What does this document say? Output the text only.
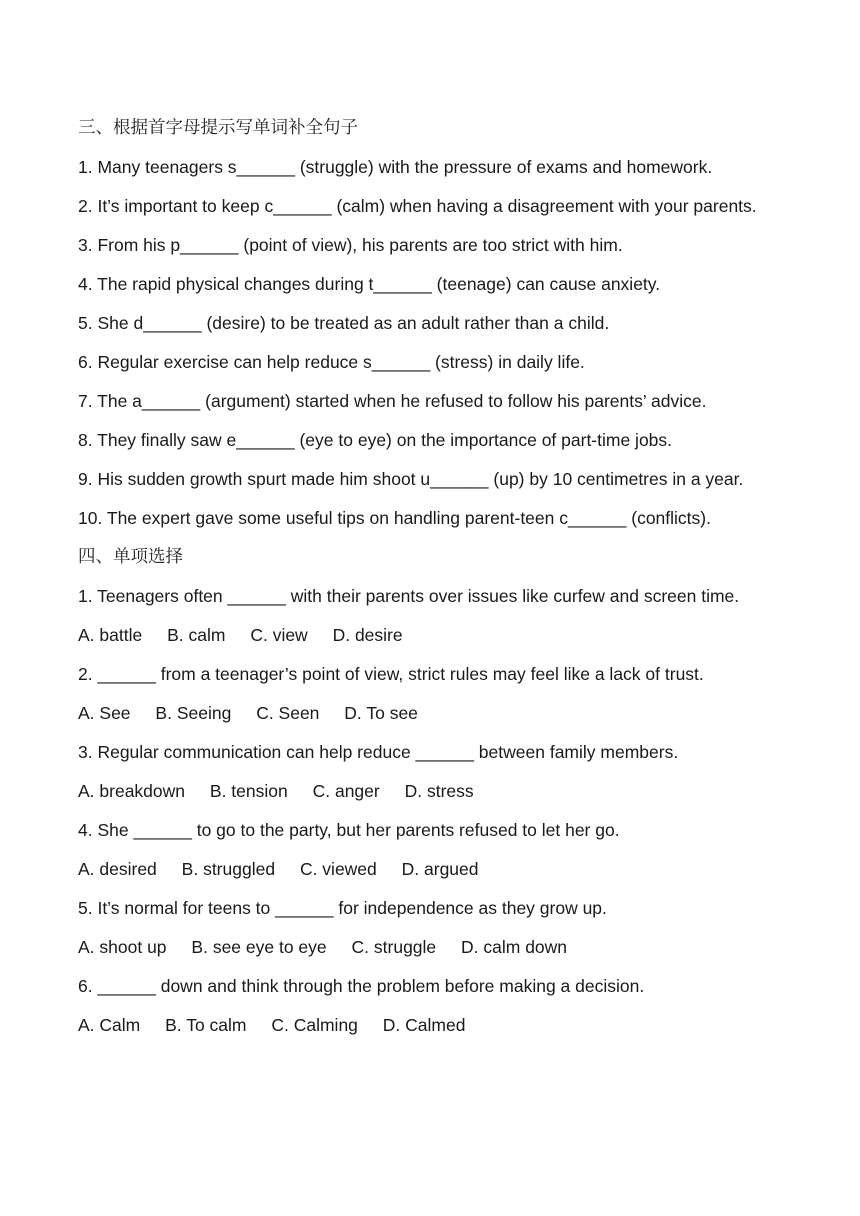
三、根据首字母提示写单词补全句子
1. Many teenagers s______ (struggle) with the pressure of exams and homework.
2. It’s important to keep c______ (calm) when having a disagreement with your parents.
3. From his p______ (point of view), his parents are too strict with him.
4. The rapid physical changes during t______ (teenage) can cause anxiety.
5. She d______ (desire) to be treated as an adult rather than a child.
6. Regular exercise can help reduce s______ (stress) in daily life.
7. The a______ (argument) started when he refused to follow his parents’ advice.
8. They finally saw e______ (eye to eye) on the importance of part-time jobs.
9. His sudden growth spurt made him shoot u______ (up) by 10 centimetres in a year.
10. The expert gave some useful tips on handling parent-teen c______ (conflicts).
四、单项选择
1. Teenagers often ______ with their parents over issues like curfew and screen time.
A. battle B. calm C. view D. desire
2. ______ from a teenager’s point of view, strict rules may feel like a lack of trust.
A. See B. Seeing C. Seen D. To see
3. Regular communication can help reduce ______ between family members.
A. breakdown B. tension C. anger D. stress
4. She ______ to go to the party, but her parents refused to let her go.
A. desired B. struggled C. viewed D. argued
5. It’s normal for teens to ______ for independence as they grow up.
A. shoot up B. see eye to eye C. struggle D. calm down
6. ______ down and think through the problem before making a decision.
A. Calm B. To calm C. Calming D. Calmed
